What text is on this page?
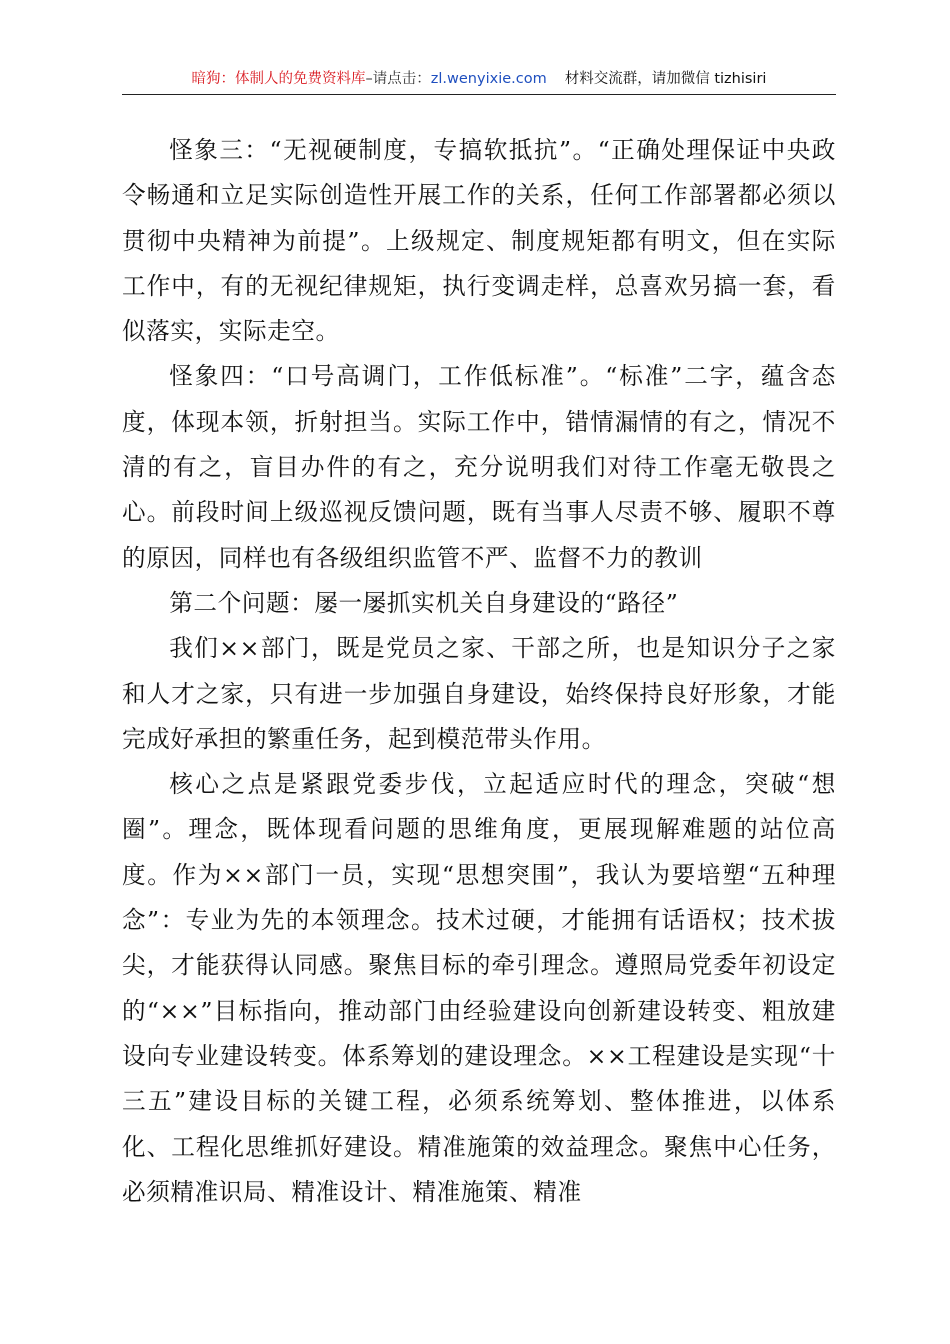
暗狗：体制人的免费资料库–请点击：zl.wenyixie.com 材料交流群，请加微信 tizhisiri

怪象三：“无视硬制度，专搞软抵抗”。“正确处理保证中央政令畅通和立足实际创造性开展工作的关系，任何工作部署都必须以贯彻中央精神为前提”。上级规定、制度规矩都有明文，但在实际工作中，有的无视纪律规矩，执行变调走样，总喜欢另搞一套，看似落实，实际走空。

怪象四：“口号高调门，工作低标准”。“标准”二字，蕴含态度，体现本领，折射担当。实际工作中，错情漏情的有之，情况不清的有之，盲目办件的有之，充分说明我们对待工作毫无敬畏之心。前段时间上级巡视反馈问题，既有当事人尽责不够、履职不尊的原因，同样也有各级组织监管不严、监督不力的教训

第二个问题：屡一屡抓实机关自身建设的“路径”

我们××部门，既是党员之家、干部之所，也是知识分子之家和人才之家，只有进一步加强自身建设，始终保持良好形象，才能完成好承担的繁重任务，起到模范带头作用。

核心之点是紧跟党委步伐，立起适应时代的理念，突破“想圈”。理念，既体现看问题的思维角度，更展现解难题的站位高度。作为××部门一员，实现“思想突围”，我认为要培塑“五种理念”：专业为先的本领理念。技术过硬，才能拥有话语权；技术拔尖，才能获得认同感。聚焦目标的牵引理念。遵照局党委年初设定的“××”目标指向，推动部门由经验建设向创新建设转变、粗放建设向专业建设转变。体系筹划的建设理念。××工程建设是实现“十三五”建设目标的关键工程，必须系统筹划、整体推进，以体系化、工程化思维抓好建设。精准施策的效益理念。聚焦中心任务，必须精准识局、精准设计、精准施策、精准
